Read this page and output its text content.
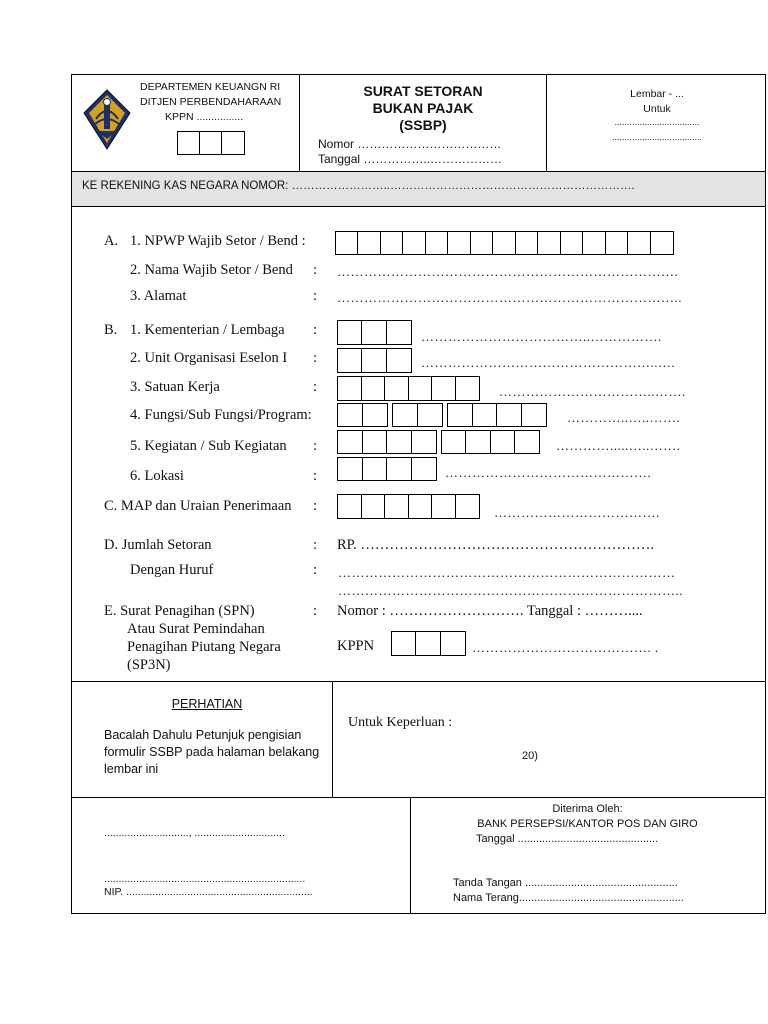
DEPARTEMEN KEUANGN RI
DITJEN PERBENDAHARAAN
KPPN ................
SURAT SETORAN
BUKAN PAJAK
(SSBP)
Nomor ………………………………
Tanggal ……………..………………
Lembar - ...
Untuk
..................................
....................................
KE REKENING KAS NEGARA NOMOR: ……………………..……………………………………………………….
A. 1. NPWP Wajib Setor / Bend :
2. Nama Wajib Setor / Bend : ………………………………………………………………….
3. Alamat	: …………………………………………………………………..
B. 1. Kementerian / Lembaga :	………………………………..…………….
2. Unit Organisasi Eselon I :	……………………………………………..….
3. Satuan Kerja	:	……………………………..…….
4. Fungsi/Sub Fungsi/Program:	…………..…..…….
5. Kegiatan / Sub Kegiatan :	………….....…..…….
6. Lokasi	:	……………………………………….
C. MAP dan Uraian Penerimaan :	……………………………….
D. Jumlah Setoran	: RP. …………………………………………………….
Dengan Huruf	: …………………………………………………………………
…………………………………………………………………..
E. Surat Penagihan (SPN)
Atau Surat Pemindahan
Penagihan Piutang Negara
(SP3N)
: Nomor : ………………………. Tanggal : ………....
KPPN	…………………………………. .
PERHATIAN
Bacalah Dahulu Petunjuk pengisian
formulir SSBP pada halaman belakang
lembar ini
Untuk Keperluan :
20)
............................., ...............................
.....................................................................
NIP. ................................................................
Diterima Oleh:
BANK PERSEPSI/KANTOR POS DAN GIRO
Tanggal ..............................................
Tanda Tangan ..................................................
Nama Terang......................................................
